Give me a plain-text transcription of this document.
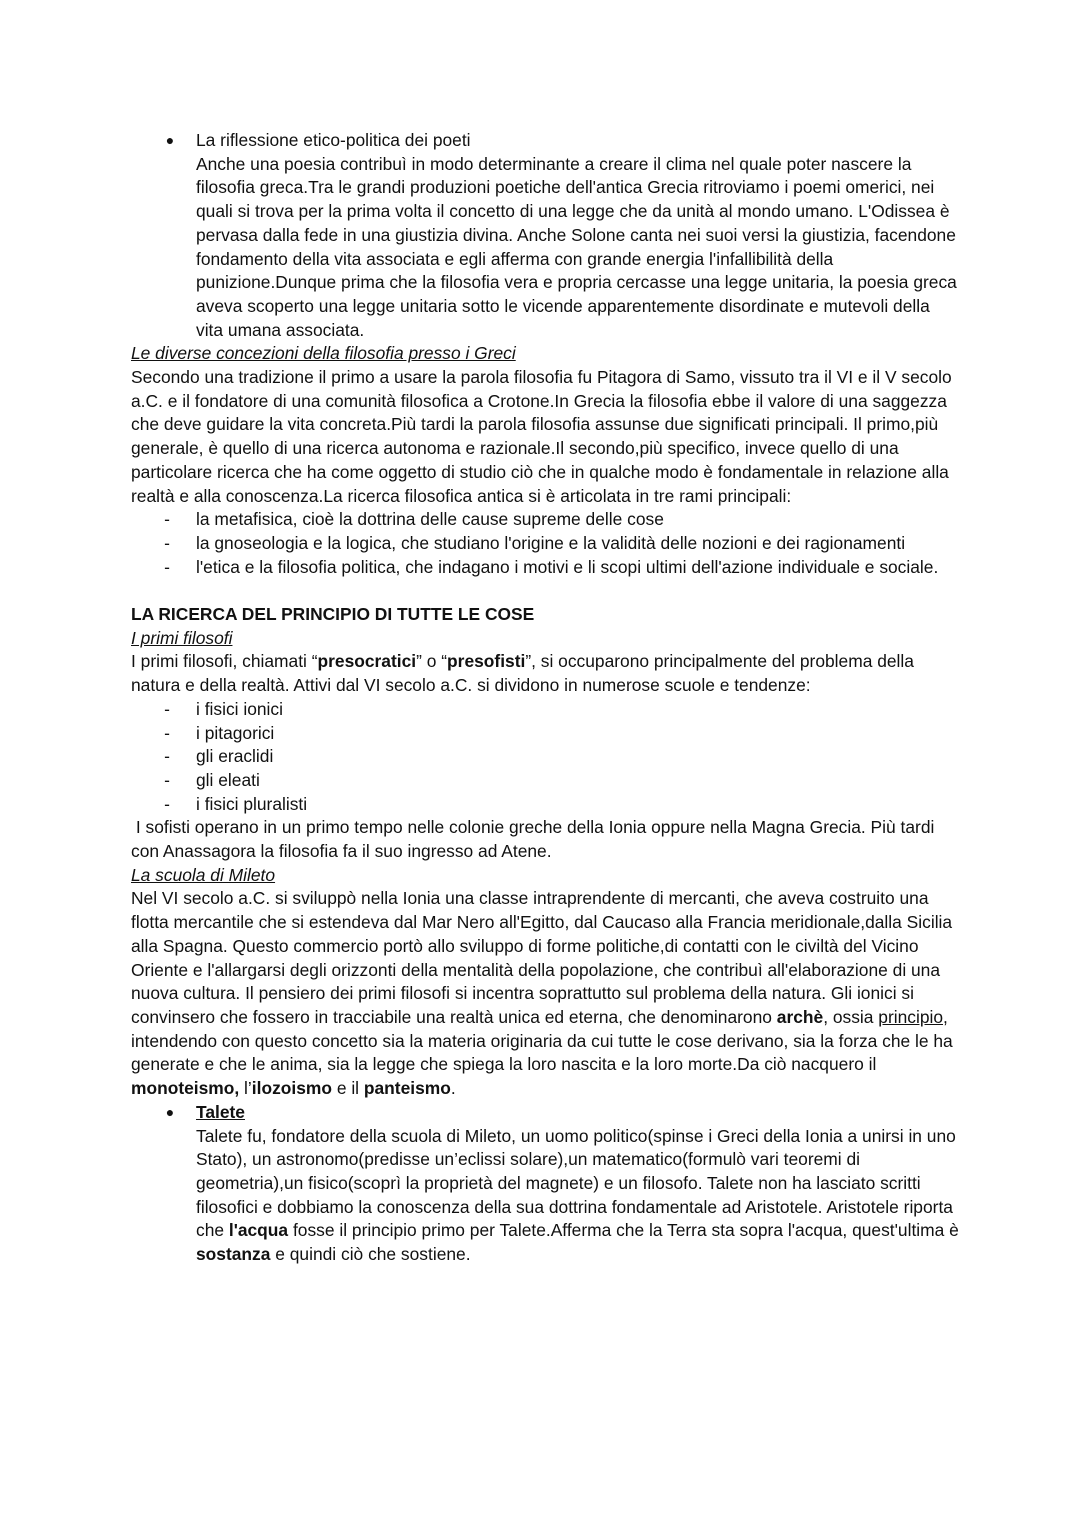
●	La riflessione etico-politica dei poeti

Anche una poesia contribuì in modo determinante a creare il clima nel quale poter nascere la filosofia greca.Tra le grandi produzioni poetiche dell'antica Grecia ritroviamo i poemi omerici, nei quali si trova per la prima volta il concetto di una legge che da unità al mondo umano. L'Odissea è pervasa dalla fede in una giustizia divina. Anche Solone canta nei suoi versi la giustizia, facendone fondamento della vita associata e egli afferma con grande energia l'infallibilità della punizione.Dunque prima che la filosofia vera e propria cercasse una legge unitaria, la poesia greca aveva scoperto una legge unitaria sotto le vicende apparentemente disordinate e mutevoli della vita umana associata.

Le diverse concezioni della filosofia presso i Greci

Secondo una tradizione il primo a usare la parola filosofia fu Pitagora di Samo, vissuto tra il VI e il V secolo a.C. e il fondatore di una comunità filosofica a Crotone.In Grecia la filosofia ebbe il valore di una saggezza che deve guidare la vita concreta.Più tardi la parola filosofia assunse due significati principali. Il primo,più generale, è quello di una ricerca autonoma e razionale.Il secondo,più specifico, invece quello di una particolare ricerca che ha come oggetto di studio ciò che in qualche modo è fondamentale in relazione alla realtà e alla conoscenza.La ricerca filosofica antica si è articolata in tre rami principali:

- la metafisica, cioè la dottrina delle cause supreme delle cose
- la gnoseologia e la logica, che studiano l'origine e la validità delle nozioni e dei ragionamenti
- l'etica e la filosofia politica, che indagano i motivi e li scopi ultimi dell'azione individuale e sociale.

LA RICERCA DEL PRINCIPIO DI TUTTE LE COSE

I primi filosofi

I primi filosofi, chiamati “presocratici” o “presofisti”, si occuparono principalmente del problema della natura e della realtà. Attivi dal VI secolo a.C. si dividono in numerose scuole e tendenze:

- i fisici ionici
- i pitagorici
- gli eraclidi
- gli eleati
- i fisici pluralisti

I sofisti operano in un primo tempo nelle colonie greche della Ionia oppure nella Magna Grecia. Più tardi con Anassagora la filosofia fa il suo ingresso ad Atene.

La scuola di Mileto

Nel VI secolo a.C. si sviluppò nella Ionia una classe intraprendente di mercanti, che aveva costruito una flotta mercantile che si estendeva dal Mar Nero all'Egitto, dal Caucaso alla Francia meridionale,dalla Sicilia alla Spagna. Questo commercio portò allo sviluppo di forme politiche,di contatti con le civiltà del Vicino Oriente e l'allargarsi degli orizzonti della mentalità della popolazione, che contribuì all'elaborazione di una nuova cultura. Il pensiero dei primi filosofi si incentra soprattutto sul problema della natura. Gli ionici si convinsero che fossero in tracciabile una realtà unica ed eterna, che denominarono archè, ossia principio, intendendo con questo concetto sia la materia originaria da cui tutte le cose derivano, sia la forza che le ha generate e che le anima, sia la legge che spiega la loro nascita e la loro morte.Da ciò nacquero il monoteismo, l’ilozoismo e il panteismo.

●	Talete

Talete fu, fondatore della scuola di Mileto, un uomo politico(spinse i Greci della Ionia a unirsi in uno Stato), un astronomo(predisse un’eclissi solare),un matematico(formulò vari teoremi di geometria),un fisico(scoprì la proprietà del magnete) e un filosofo. Talete non ha lasciato scritti filosofici e dobbiamo la conoscenza della sua dottrina fondamentale ad Aristotele. Aristotele riporta che l'acqua fosse il principio primo per Talete.Afferma che la Terra sta sopra l'acqua, quest'ultima è sostanza e quindi ciò che sostiene.
